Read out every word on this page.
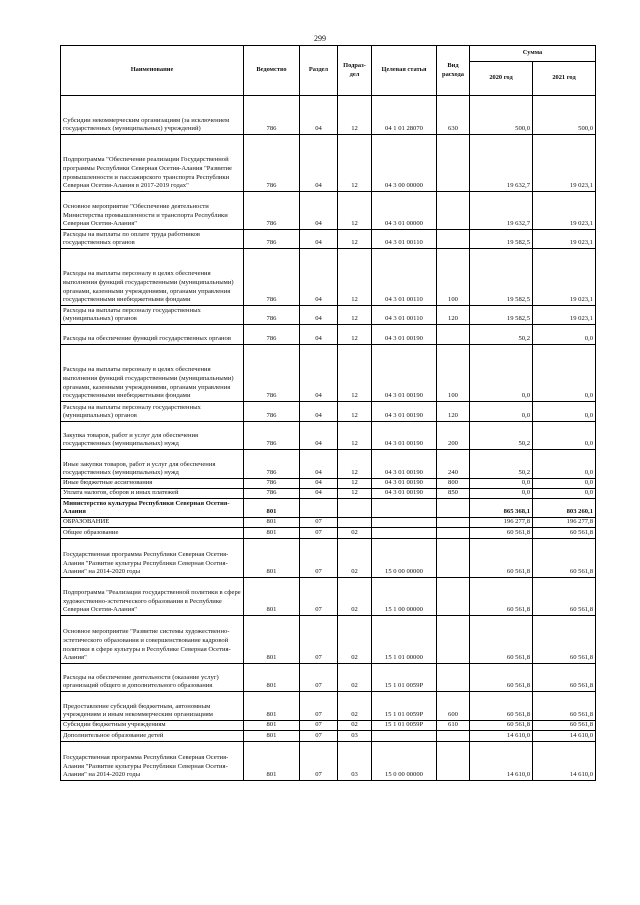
299
Наименование	Ведомство	Раздел	Подраз-дел	Целевая статья	Вид расхода	Сумма	
						2020 год	2021 год
Субсидии некоммерческим организациям (за исключением государственных (муниципальных) учреждений)	786	04	12	04 1 01 28070	630	500,0	500,0
Подпрограмма "Обеспечение реализации Государственной программы Республики Северная Осетия-Алания "Развитие промышленности и пассажирского транспорта Республики Северная Осетия-Алания в 2017-2019 годах"	786	04	12	04 3 00 00000		19 632,7	19 023,1
Основное мероприятие "Обеспечение деятельности Министерства промышленности и транспорта Республики Северная Осетия-Алания"	786	04	12	04 3 01 00000		19 632,7	19 023,1
Расходы на выплаты по оплате труда работников государственных органов	786	04	12	04 3 01 00110		19 582,5	19 023,1
Расходы на выплаты персоналу в целях обеспечения выполнения функций государственными (муниципальными) органами, казенными учреждениями, органами управления государственными внебюджетными фондами	786	04	12	04 3 01 00110	100	19 582,5	19 023,1
Расходы на выплаты персоналу государственных (муниципальных) органов	786	04	12	04 3 01 00110	120	19 582,5	19 023,1
Расходы на обеспечение функций государственных органов	786	04	12	04 3 01 00190		50,2	0,0
Расходы на выплаты персоналу в целях обеспечения выполнения функций государственными (муниципальными) органами, казенными учреждениями, органами управления государственными внебюджетными фондами	786	04	12	04 3 01 00190	100	0,0	0,0
Расходы на выплаты персоналу государственных (муниципальных) органов	786	04	12	04 3 01 00190	120	0,0	0,0
Закупка товаров, работ и услуг для обеспечения государственных (муниципальных) нужд	786	04	12	04 3 01 00190	200	50,2	0,0
Иные закупки товаров, работ и услуг для обеспечения государственных (муниципальных) нужд	786	04	12	04 3 01 00190	240	50,2	0,0
Иные бюджетные ассигнования	786	04	12	04 3 01 00190	800	0,0	0,0
Уплата налогов, сборов и иных платежей	786	04	12	04 3 01 00190	850	0,0	0,0
Министерство культуры Республики Северная Осетия-Алания	801					865 368,1	803 260,1
ОБРАЗОВАНИЕ	801	07				196 277,8	196 277,8
Общее образование	801	07	02			60 561,8	60 561,8
Государственная программа Республики Северная Осетия-Алания "Развитие культуры Республики Северная Осетия-Алания" на 2014-2020 годы	801	07	02	15 0 00 00000		60 561,8	60 561,8
Подпрограмма "Реализация государственной политики в сфере художественно-эстетического образования в Республике Северная Осетия-Алания"	801	07	02	15 1 00 00000		60 561,8	60 561,8
Основное мероприятие "Развитие системы художественно-эстетического образования и совершенствование кадровой политики в сфере культуры в Республике Северная Осетия-Алания"	801	07	02	15 1 01 00000		60 561,8	60 561,8
Расходы на обеспечение деятельности (оказание услуг) организаций общего и дополнительного образования	801	07	02	15 1 01 0059Р		60 561,8	60 561,8
Предоставление субсидий бюджетным, автономным учреждениям и иным некоммерческим организациям	801	07	02	15 1 01 0059Р	600	60 561,8	60 561,8
Субсидии бюджетным учреждениям	801	07	02	15 1 01 0059Р	610	60 561,8	60 561,8
Дополнительное образование детей	801	07	03			14 610,0	14 610,0
Государственная программа Республики Северная Осетия-Алания "Развитие культуры Республики Северная Осетия-Алания" на 2014-2020 годы	801	07	03	15 0 00 00000		14 610,0	14 610,0
